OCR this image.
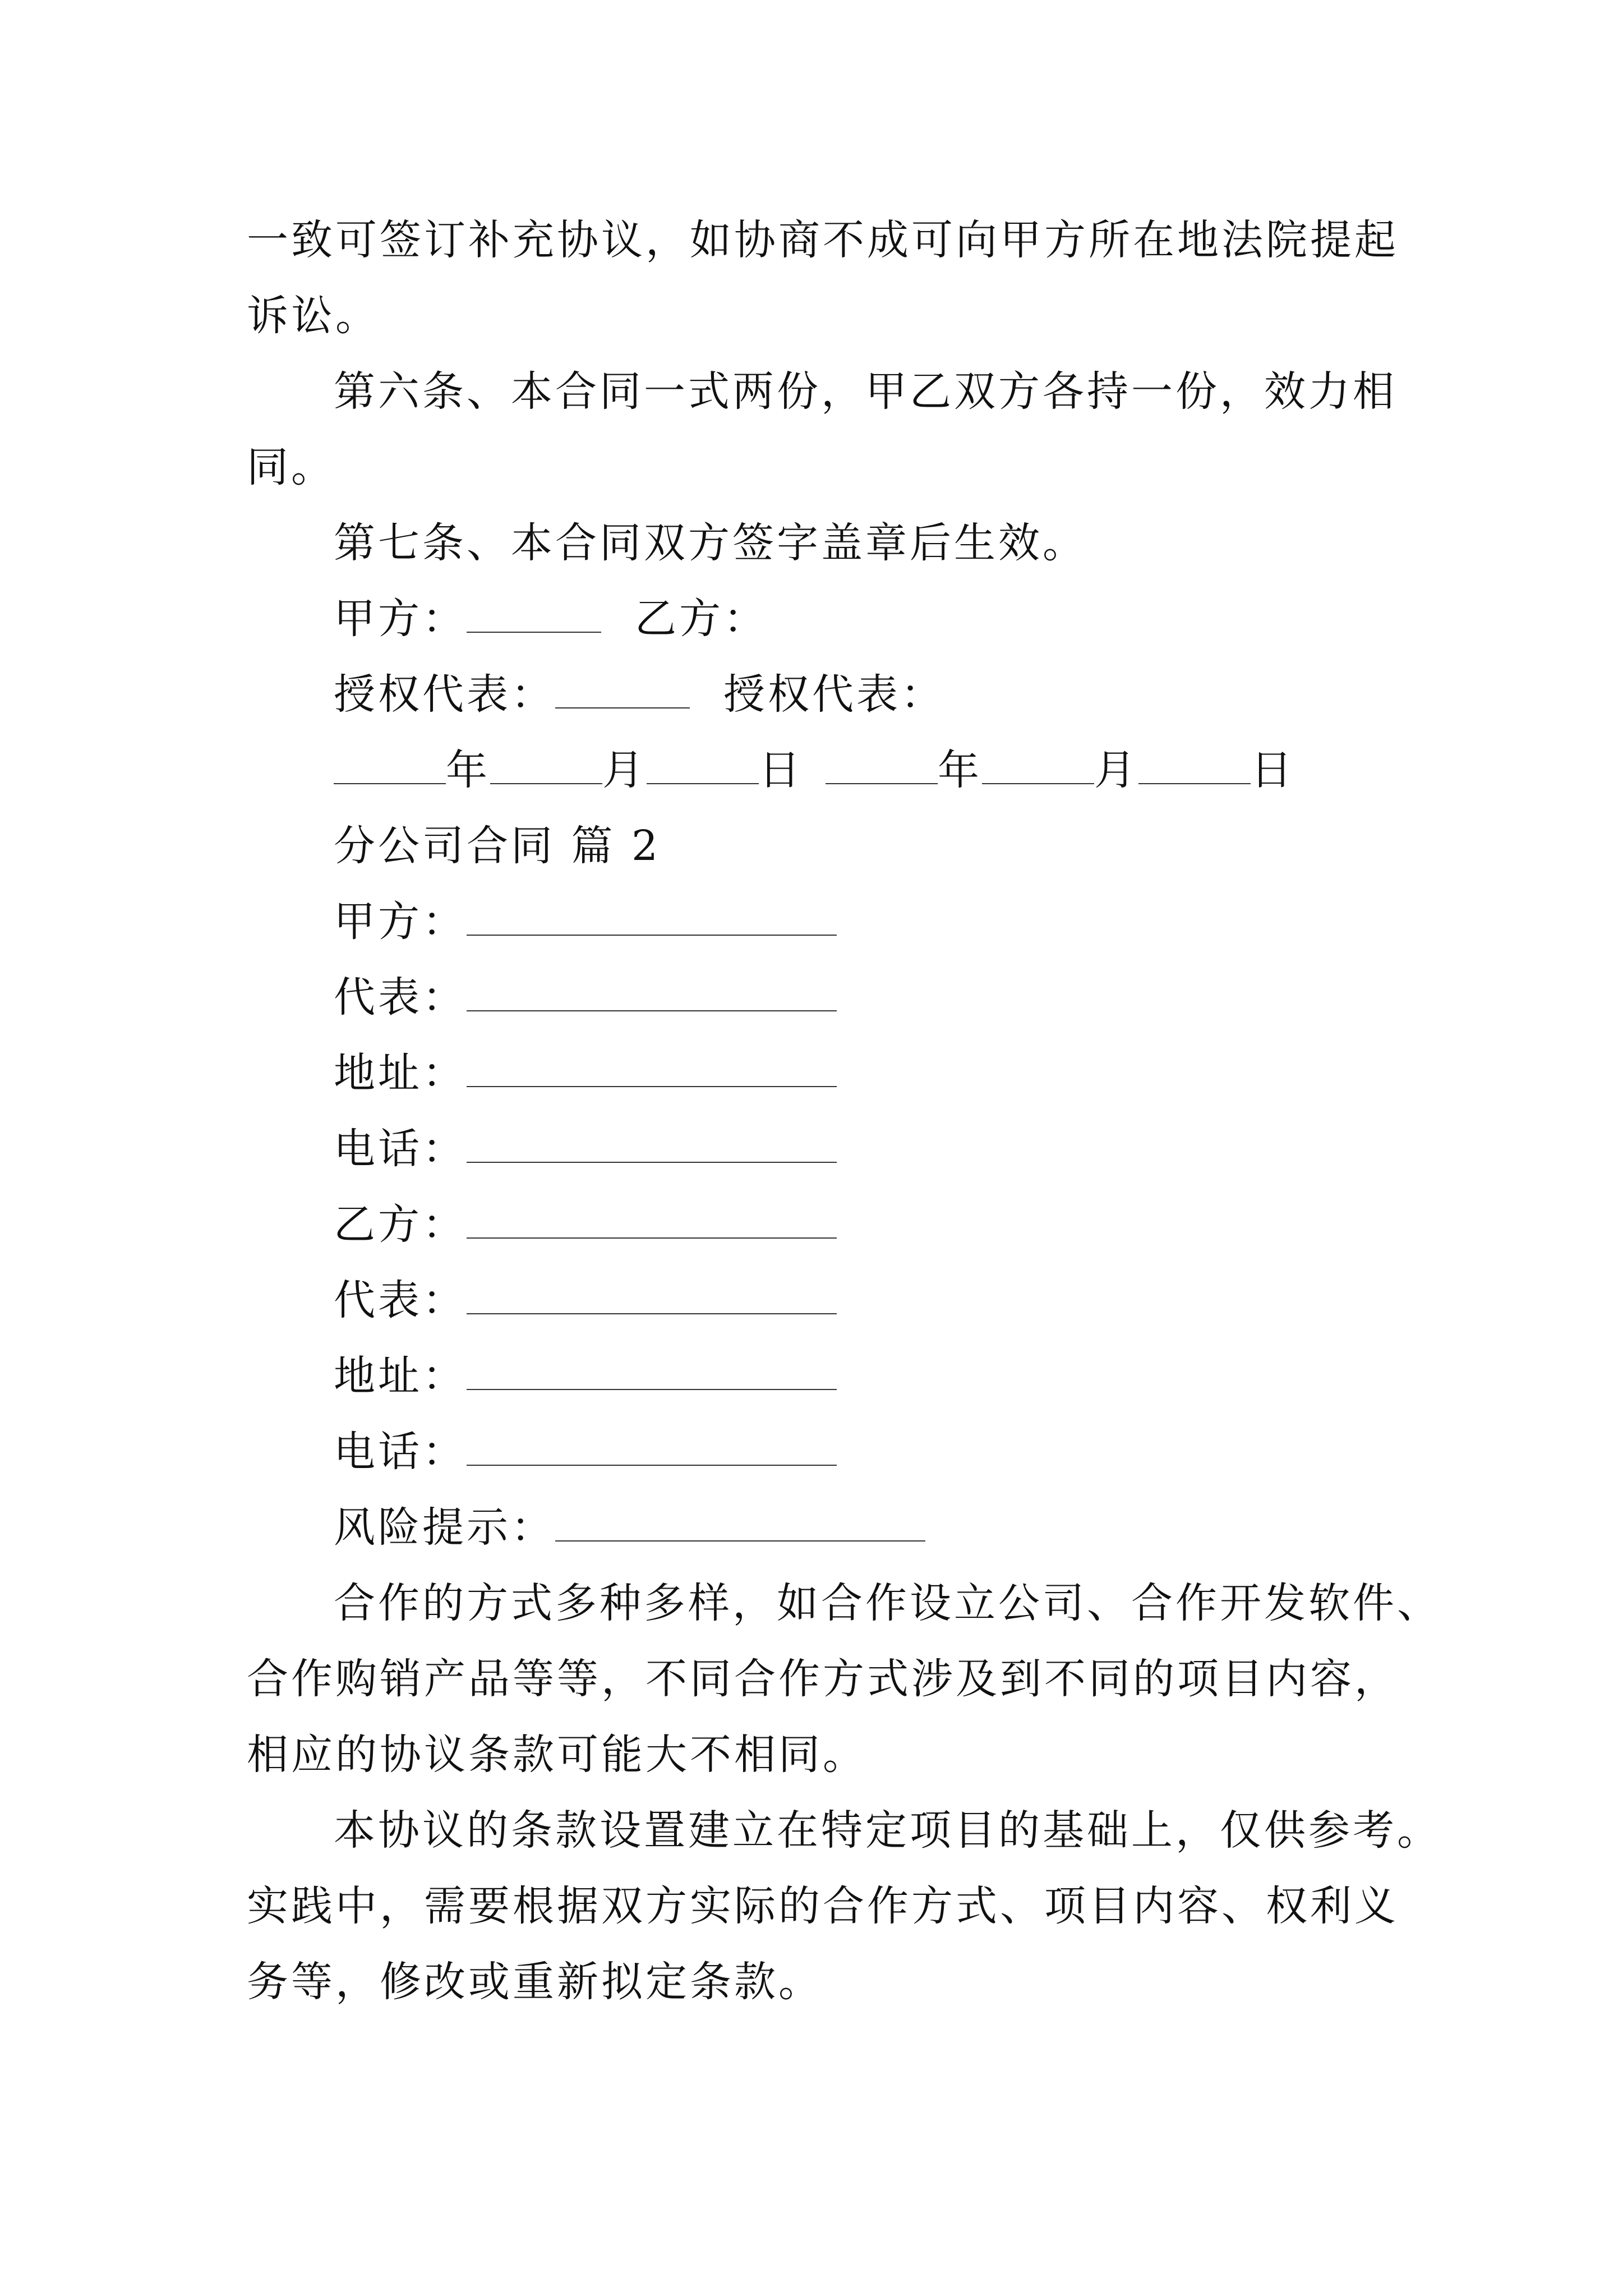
一致可签订补充协议，如协商不成可向甲方所在地法院提起
诉讼。
第六条、本合同一式两份，甲乙双方各持一份，效力相
同。
第七条、本合同双方签字盖章后生效。
甲方：	乙方：
授权代表：	授权代表：
年	月	日	年	月	日
分公司合同 篇 2
甲方：
代表：
地址：
电话：
乙方：
代表：
地址：
电话：
风险提示：
合作的方式多种多样，如合作设立公司、合作开发软件、
合作购销产品等等，不同合作方式涉及到不同的项目内容，
相应的协议条款可能大不相同。
本协议的条款设置建立在特定项目的基础上，仅供参考。
实践中，需要根据双方实际的合作方式、项目内容、权利义
务等，修改或重新拟定条款。
